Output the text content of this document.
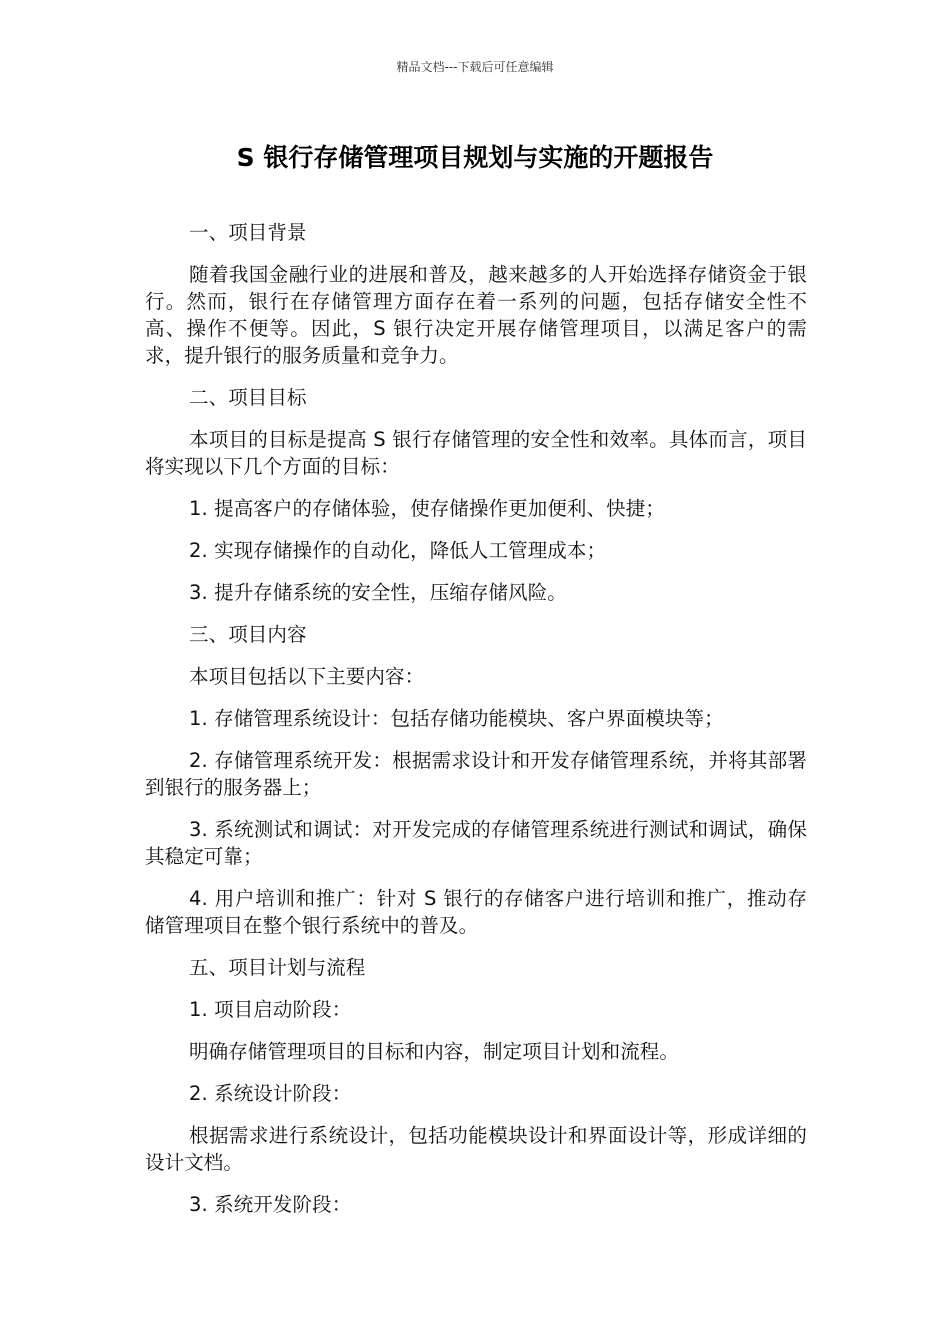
精品文档---下载后可任意编辑
S 银行存储管理项目规划与实施的开题报告

一、项目背景

随着我国金融行业的进展和普及，越来越多的人开始选择存储资金于银行。然而，银行在存储管理方面存在着一系列的问题，包括存储安全性不高、操作不便等。因此，S 银行决定开展存储管理项目，以满足客户的需求，提升银行的服务质量和竞争力。

二、项目目标

本项目的目标是提高 S 银行存储管理的安全性和效率。具体而言，项目将实现以下几个方面的目标：

1. 提高客户的存储体验，使存储操作更加便利、快捷；

2. 实现存储操作的自动化，降低人工管理成本；

3. 提升存储系统的安全性，压缩存储风险。

三、项目内容

本项目包括以下主要内容：

1. 存储管理系统设计：包括存储功能模块、客户界面模块等；

2. 存储管理系统开发：根据需求设计和开发存储管理系统，并将其部署到银行的服务器上；

3. 系统测试和调试：对开发完成的存储管理系统进行测试和调试，确保其稳定可靠；

4. 用户培训和推广：针对 S 银行的存储客户进行培训和推广，推动存储管理项目在整个银行系统中的普及。

五、项目计划与流程

1. 项目启动阶段：

明确存储管理项目的目标和内容，制定项目计划和流程。

2. 系统设计阶段：

根据需求进行系统设计，包括功能模块设计和界面设计等，形成详细的设计文档。

3. 系统开发阶段：
